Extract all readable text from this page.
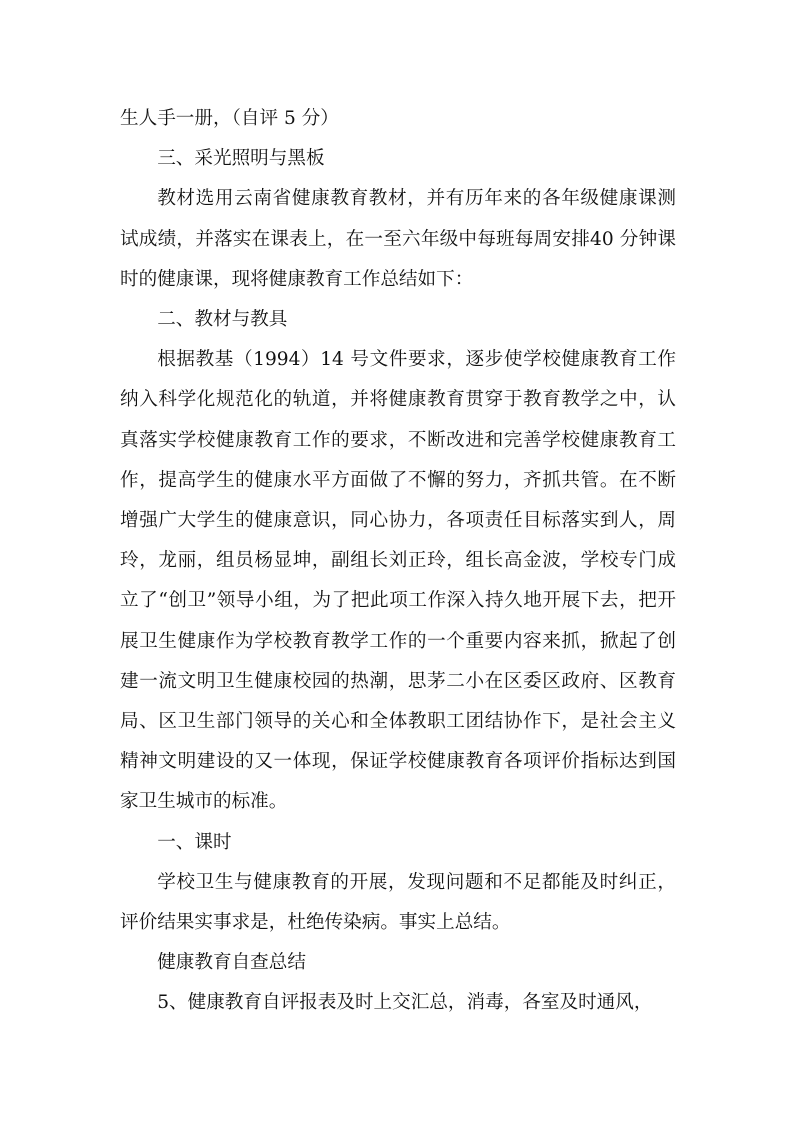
生人手一册，（自评 5 分）

三、采光照明与黑板

教材选用云南省健康教育教材，并有历年来的各年级健康课测试成绩，并落实在课表上，在一至六年级中每班每周安排40 分钟课时的健康课，现将健康教育工作总结如下：

二、教材与教具

根据教基（1994）14 号文件要求，逐步使学校健康教育工作纳入科学化规范化的轨道，并将健康教育贯穿于教育教学之中，认真落实学校健康教育工作的要求，不断改进和完善学校健康教育工作，提高学生的健康水平方面做了不懈的努力，齐抓共管。在不断增强广大学生的健康意识，同心协力，各项责任目标落实到人，周玲，龙丽，组员杨显坤，副组长刘正玲，组长高金波，学校专门成立了“创卫”领导小组，为了把此项工作深入持久地开展下去，把开展卫生健康作为学校教育教学工作的一个重要内容来抓，掀起了创建一流文明卫生健康校园的热潮，思茅二小在区委区政府、区教育局、区卫生部门领导的关心和全体教职工团结协作下，是社会主义精神文明建设的又一体现，保证学校健康教育各项评价指标达到国家卫生城市的标准。

一、课时

学校卫生与健康教育的开展，发现问题和不足都能及时纠正，评价结果实事求是，杜绝传染病。事实上总结。

健康教育自查总结

5、健康教育自评报表及时上交汇总，消毒，各室及时通风，
